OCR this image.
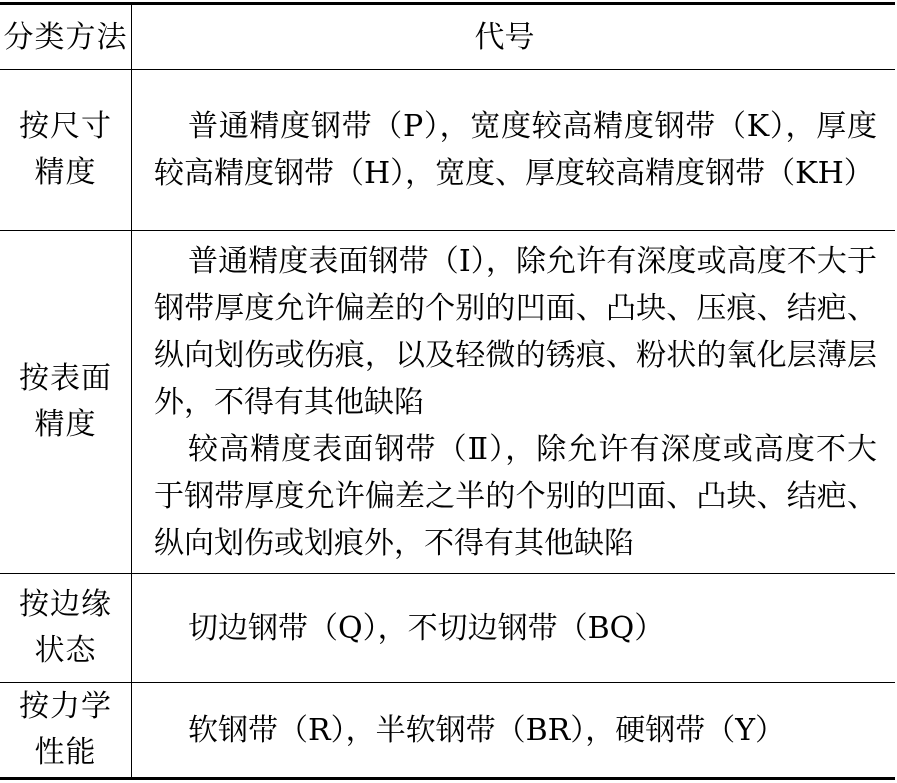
分类方法	代号
按尺寸精度	普通精度钢带（P），宽度较高精度钢带（K），厚度较高精度钢带（H），宽度、厚度较高精度钢带（KH）

按表面精度	普通精度表面钢带（Ⅰ），除允许有深度或高度不大于钢带厚度允许偏差的个别的凹面、凸块、压痕、结疤、纵向划伤或伤痕，以及轻微的锈痕、粉状的氧化层薄层外，不得有其他缺陷
较高精度表面钢带（Ⅱ），除允许有深度或高度不大于钢带厚度允许偏差之半的个别的凹面、凸块、结疤、纵向划伤或划痕外，不得有其他缺陷

按边缘状态	切边钢带（Q），不切边钢带（BQ）
按力学性能	软钢带（R），半软钢带（BR），硬钢带（Y）
